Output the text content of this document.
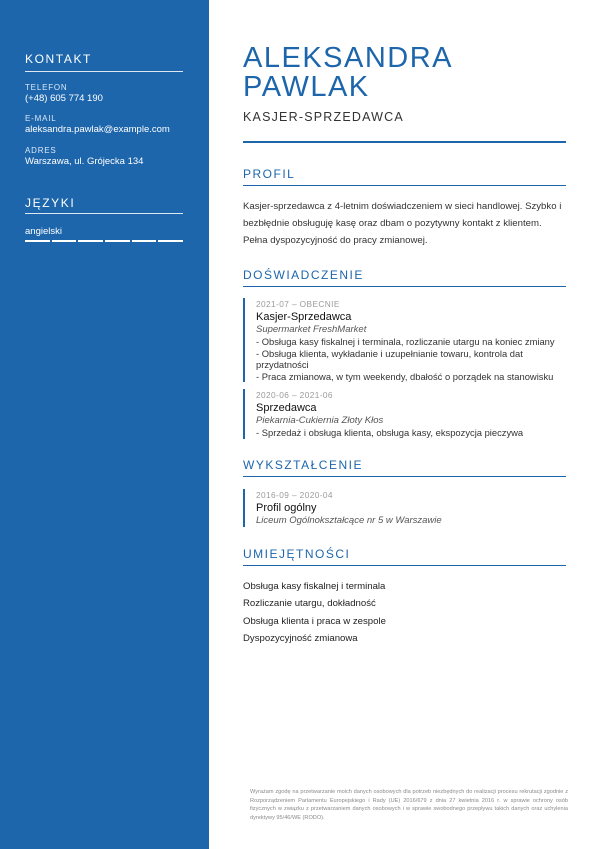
KONTAKT
TELEFON
(+48) 605 774 190
E-MAIL
aleksandra.pawlak@example.com
ADRES
Warszawa, ul. Grójecka 134
JĘZYKI
angielski
ALEKSANDRA
PAWLAK
KASJER-SPRZEDAWCA
PROFIL
Kasjer-sprzedawca z 4-letnim doświadczeniem w sieci handlowej. Szybko i bezbłędnie obsługuję kasę oraz dbam o pozytywny kontakt z klientem. Pełna dyspozycyjność do pracy zmianowej.
DOŚWIADCZENIE
2021-07 – OBECNIE
Kasjer-Sprzedawca
Supermarket FreshMarket
- Obsługa kasy fiskalnej i terminala, rozliczanie utargu na koniec zmiany
- Obsługa klienta, wykładanie i uzupełnianie towaru, kontrola dat przydatności
- Praca zmianowa, w tym weekendy, dbałość o porządek na stanowisku
2020-06 – 2021-06
Sprzedawca
Piekarnia-Cukiernia Złoty Kłos
- Sprzedaż i obsługa klienta, obsługa kasy, ekspozycja pieczywa
WYKSZTAŁCENIE
2016-09 – 2020-04
Profil ogólny
Liceum Ogólnokształcące nr 5 w Warszawie
UMIEJĘTNOŚCI
Obsługa kasy fiskalnej i terminala
Rozliczanie utargu, dokładność
Obsługa klienta i praca w zespole
Dyspozycyjność zmianowa
Wyrażam zgodę na przetwarzanie moich danych osobowych dla potrzeb niezbędnych do realizacji procesu rekrutacji zgodnie z Rozporządzeniem Parlamentu Europejskiego i Rady (UE) 2016/679 z dnia 27 kwietnia 2016 r. w sprawie ochrony osób fizycznych w związku z przetwarzaniem danych osobowych i w sprawie swobodnego przepływu takich danych oraz uchylenia dyrektywy 95/46/WE (RODO).
